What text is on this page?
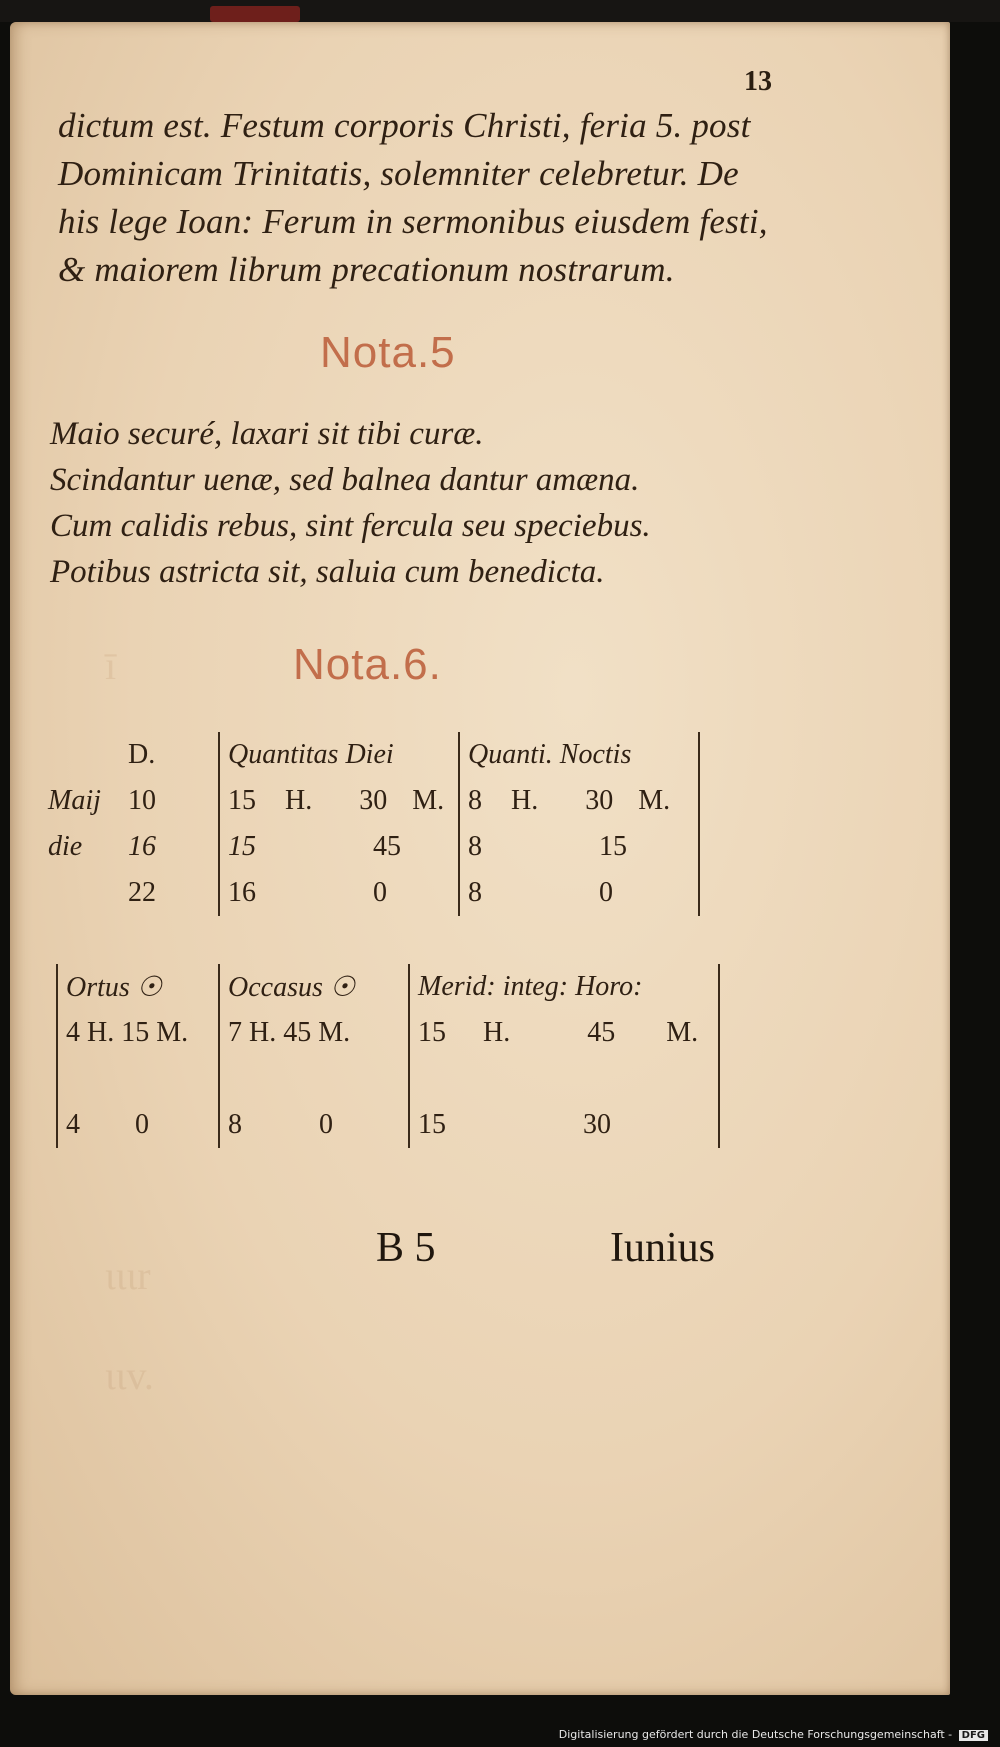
ī
ιιιr
ιιv.
13
dictum est. Festum corporis Christi, feria 5. post
Dominicam Trinitatis, solemniter celebretur. De
his lege Ioan: Ferum in sermonibus eiusdem festi,
& maiorem librum precationum nostrarum.
Nota.5
Maio securé, laxari sit tibi curæ.
Scindantur uenæ, sed balnea dantur amæna.
Cum calidis rebus, sint fercula seu speciebus.
Potibus astricta sit, saluia cum benedicta.
Nota.6.
	D.	Quantitas Diei	Quanti. Noctis
Maij	10	15 H. 30 M.	8 H. 30 M.
die	16	15 45	8 15
	22	16 0	8 0
Ortus ☉	Occasus ☉	Merid: integ: Horo:
4 H. 15 M.	7 H. 45 M.	15 H. 45 M.

4 0	8 0	15 30
B 5	Iunius
Digitalisierung gefördert durch die Deutsche Forschungsgemeinschaft - DFG
